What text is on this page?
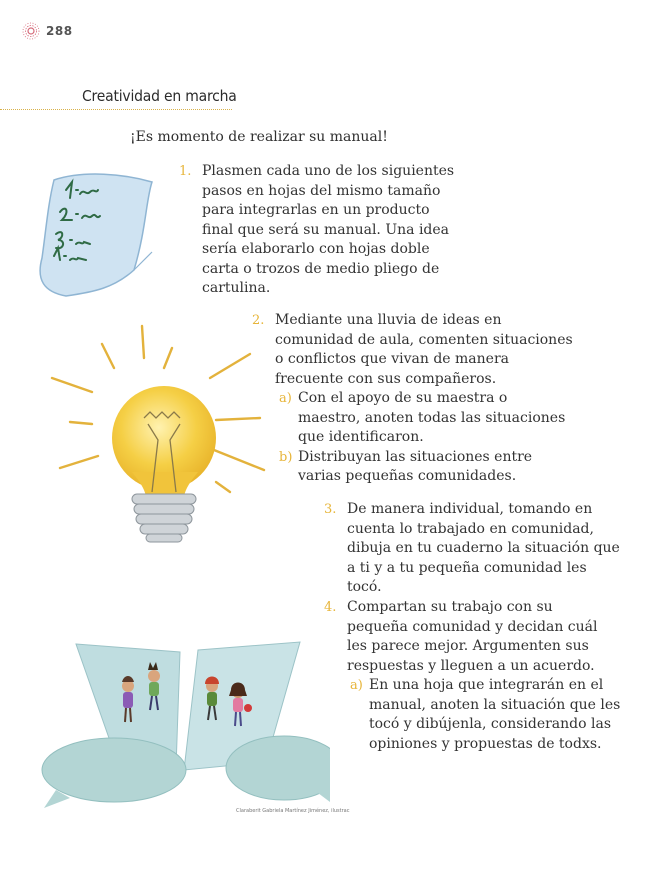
288
Creatividad en marcha
¡Es momento de realizar su manual!
1. Plasmen cada uno de los siguientes pasos en hojas del mismo tamaño para integrarlas en un producto final que será su manual. Una idea sería elaborarlo con hojas doble carta o trozos de medio pliego de cartulina.

2. Mediante una lluvia de ideas en comunidad de aula, comenten situaciones o conflictos que vivan de manera frecuente con sus compañeros.

a) Con el apoyo de su maestra o maestro, anoten todas las situaciones que identificaron.

b) Distribuyan las situaciones entre varias pequeñas comunidades.

3. De manera individual, tomando en cuenta lo trabajado en comunidad, dibuja en tu cuaderno la situación que a ti y a tu pequeña comunidad les tocó.

4. Compartan su trabajo con su pequeña comunidad y decidan cuál les parece mejor. Argumenten sus respuestas y lleguen a un acuerdo.

a) En una hoja que integrarán en el manual, anoten la situación que les tocó y dibújenla, considerando las opiniones y propuestas de todxs.

Claraberit Gabriela Martínez Jiménez, ilustrac
